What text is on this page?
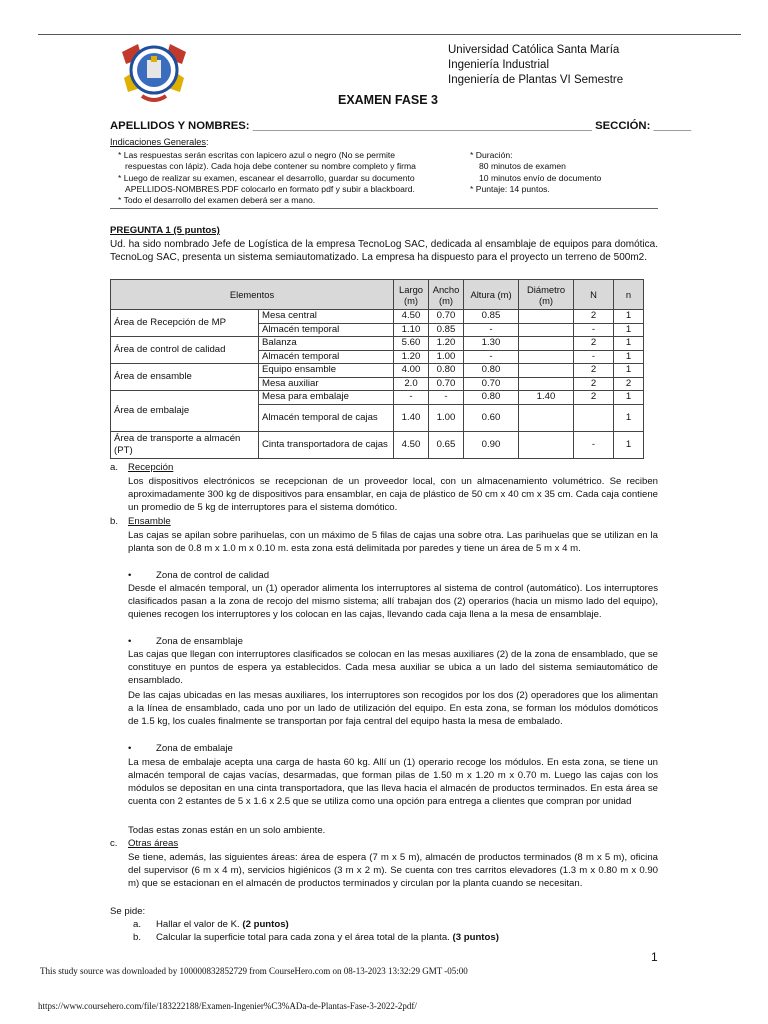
Universidad Católica Santa María
Ingeniería Industrial
Ingeniería de Plantas VI Semestre
EXAMEN FASE 3
APELLIDOS Y NOMBRES: ______________________________________________________ SECCIÓN: ______
Indicaciones Generales:
* Las respuestas serán escritas con lapicero azul o negro (No se permite
respuestas con lápiz). Cada hoja debe contener su nombre completo y firma
* Luego de realizar su examen, escanear el desarrollo, guardar su documento
APELLIDOS-NOMBRES.PDF colocarlo en formato pdf y subir a blackboard.
* Todo el desarrollo del examen deberá ser a mano.
* Duración:
80 minutos de examen
10 minutos envío de documento
* Puntaje: 14 puntos.
PREGUNTA 1 (5 puntos)
Ud. ha sido nombrado Jefe de Logística de la empresa TecnoLog SAC, dedicada al ensamblaje de equipos para domótica. TecnoLog SAC, presenta un sistema semiautomatizado. La empresa ha dispuesto para el proyecto un terreno de 500m2.
Elementos		Largo (m)	Ancho (m)	Altura (m)	Diámetro (m)	N	n
Área de Recepción de MP	Mesa central	4.50	0.70	0.85		2	1
	Almacén temporal	1.10	0.85	-		-	1
Área de control de calidad	Balanza	5.60	1.20	1.30		2	1
	Almacén temporal	1.20	1.00	-		-	1
Área de ensamble	Equipo ensamble	4.00	0.80	0.80		2	1
	Mesa auxiliar	2.0	0.70	0.70		2	2
Área de embalaje	Mesa para embalaje	-	-	0.80	1.40	2	1
	Almacén temporal de cajas	1.40	1.00	0.60			1
Área de transporte a almacén (PT)	Cinta transportadora de cajas	4.50	0.65	0.90		-	1
a. Recepción
Los dispositivos electrónicos se recepcionan de un proveedor local, con un almacenamiento volumétrico. Se reciben aproximadamente 300 kg de dispositivos para ensamblar, en caja de plástico de 50 cm x 40 cm x 35 cm. Cada caja contiene un promedio de 5 kg de interruptores para el sistema domótico.
b. Ensamble
Las cajas se apilan sobre parihuelas, con un máximo de 5 filas de cajas una sobre otra. Las parihuelas que se utilizan en la planta son de 0.8 m x 1.0 m x 0.10 m. esta zona está delimitada por paredes y tiene un área de 5 m x 4 m.
•	Zona de control de calidad
Desde el almacén temporal, un (1) operador alimenta los interruptores al sistema de control (automático). Los interruptores clasificados pasan a la zona de recojo del mismo sistema; allí trabajan dos (2) operarios (hacia un mismo lado del equipo), quienes recogen los interruptores y los colocan en las cajas, llevando cada caja llena a la mesa de ensamblaje.
•	Zona de ensamblaje
Las cajas que llegan con interruptores clasificados se colocan en las mesas auxiliares (2) de la zona de ensamblado, que se constituye en puntos de espera ya establecidos. Cada mesa auxiliar se ubica a un lado del sistema semiautomático de ensamblado.
De las cajas ubicadas en las mesas auxiliares, los interruptores son recogidos por los dos (2) operadores que los alimentan a la línea de ensamblado, cada uno por un lado de utilización del equipo. En esta zona, se forman los módulos domóticos de 1.5 kg, los cuales finalmente se transportan por faja central del equipo hasta la mesa de embalado.
•	Zona de embalaje
La mesa de embalaje acepta una carga de hasta 60 kg. Allí un (1) operario recoge los módulos. En esta zona, se tiene un almacén temporal de cajas vacías, desarmadas, que forman pilas de 1.50 m x 1.20 m x 0.70 m. Luego las cajas con los módulos se depositan en una cinta transportadora, que las lleva hacia el almacén de productos terminados. En esta área se cuenta con 2 estantes de 5 x 1.6 x 2.5 que se utiliza como una opción para entrega a clientes que compran por unidad
Todas estas zonas están en un solo ambiente.
c. Otras áreas
Se tiene, además, las siguientes áreas: área de espera (7 m x 5 m), almacén de productos terminados (8 m x 5 m), oficina del supervisor (6 m x 4 m), servicios higiénicos (3 m x 2 m). Se cuenta con tres carritos elevadores (1.3 m x 0.80 m x 0.90 m) que se estacionan en el almacén de productos terminados y circulan por la planta cuando se necesitan.
Se pide:
a. Hallar el valor de K. (2 puntos)
b. Calcular la superficie total para cada zona y el área total de la planta. (3 puntos)
1
This study source was downloaded by 100000832852729 from CourseHero.com on 08-13-2023 13:32:29 GMT -05:00
https://www.coursehero.com/file/183222188/Examen-Ingenier%C3%ADa-de-Plantas-Fase-3-2022-2pdf/
